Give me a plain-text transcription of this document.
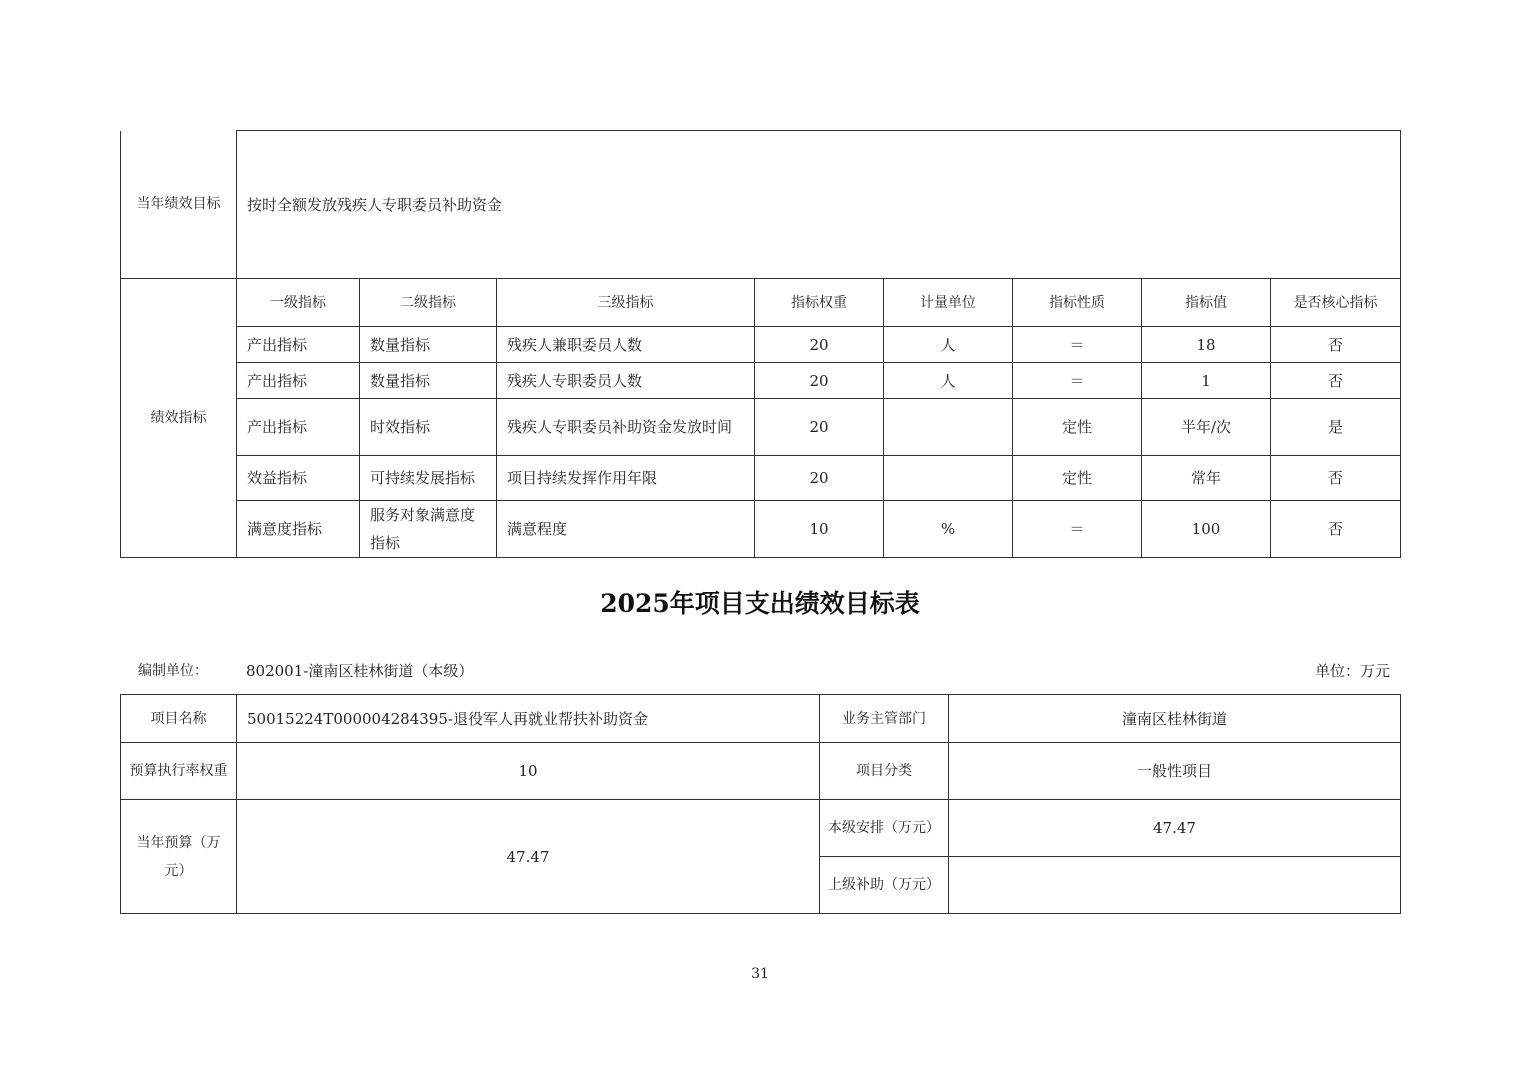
当年绩效目标	按时全额发放残疾人专职委员补助资金							
绩效指标	一级指标	二级指标	三级指标	指标权重	计量单位	指标性质	指标值	是否核心指标
	产出指标	数量指标	残疾人兼职委员人数	20	人	＝	18	否
	产出指标	数量指标	残疾人专职委员人数	20	人	＝	1	否
	产出指标	时效指标	残疾人专职委员补助资金发放时间	20		定性	半年/次	是
	效益指标	可持续发展指标	项目持续发挥作用年限	20		定性	常年	否
	满意度指标	服务对象满意度指标	满意程度	10	%	＝	100	否
2025年项目支出绩效目标表
编制单位：	802001-潼南区桂林街道（本级）	单位：万元
项目名称	50015224T000004284395-退役军人再就业帮扶补助资金	业务主管部门	潼南区桂林街道
预算执行率权重	10	项目分类	一般性项目
当年预算（万元）	47.47	本级安排（万元）	47.47
		上级补助（万元）	
31
